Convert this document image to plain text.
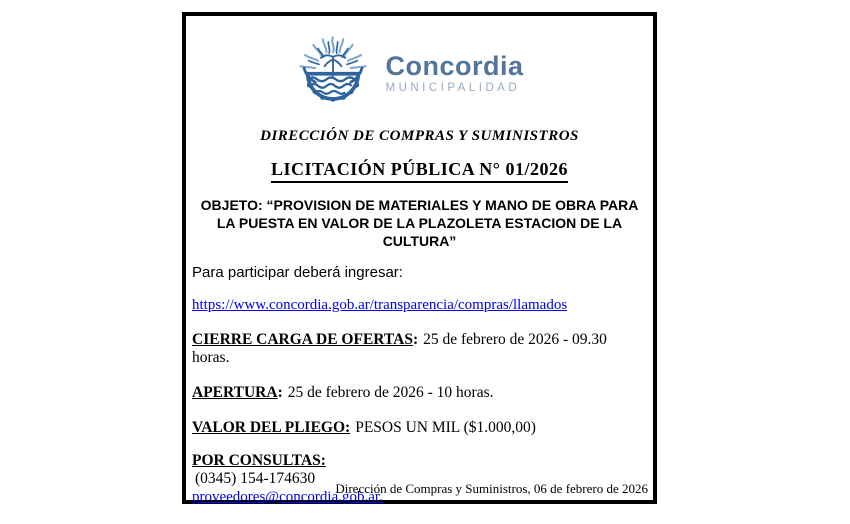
Concordia
MUNICIPALIDAD
DIRECCIÓN DE COMPRAS Y SUMINISTROS
LICITACIÓN PÚBLICA N° 01/2026
OBJETO: “PROVISION DE MATERIALES Y MANO DE OBRA PARA LA PUESTA EN VALOR DE LA PLAZOLETA ESTACION DE LA CULTURA”
Para participar deberá ingresar:
https://www.concordia.gob.ar/transparencia/compras/llamados
CIERRE CARGA DE OFERTAS: 25 de febrero de 2026 - 09.30 horas.
APERTURA: 25 de febrero de 2026 - 10 horas.
VALOR DEL PLIEGO: PESOS UN MIL ($1.000,00)
POR CONSULTAS:
(0345) 154-174630
proveedores@concordia.gob.ar.
Dirección de Compras y Suministros, 06 de febrero de 2026
